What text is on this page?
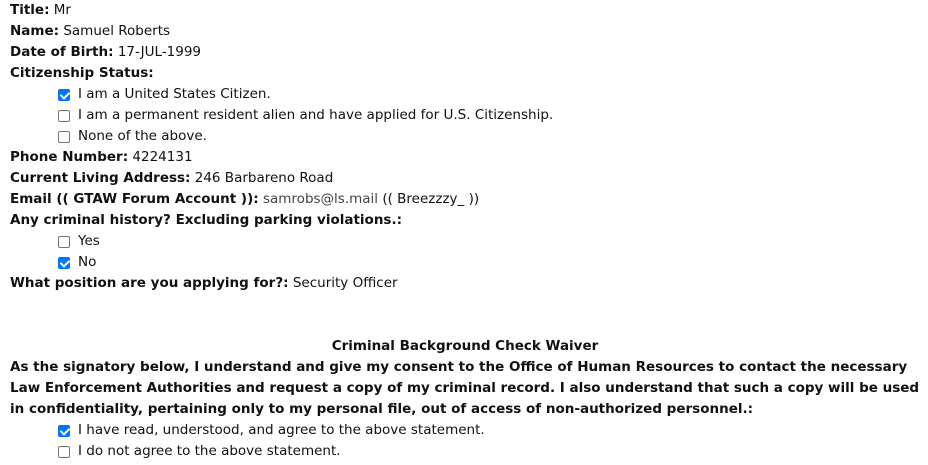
Title: Mr
Name: Samuel Roberts
Date of Birth: 17-JUL-1999
Citizenship Status:
I am a United States Citizen.
I am a permanent resident alien and have applied for U.S. Citizenship.
None of the above.
Phone Number: 4224131
Current Living Address: 246 Barbareno Road
Email (( GTAW Forum Account )): samrobs@ls.mail (( Breezzzy_ ))
Any criminal history? Excluding parking violations.:
Yes
No
What position are you applying for?: Security Officer
Criminal Background Check Waiver
As the signatory below, I understand and give my consent to the Office of Human Resources to contact the necessary Law Enforcement Authorities and request a copy of my criminal record. I also understand that such a copy will be used in confidentiality, pertaining only to my personal file, out of access of non-authorized personnel.:
I have read, understood, and agree to the above statement.
I do not agree to the above statement.
